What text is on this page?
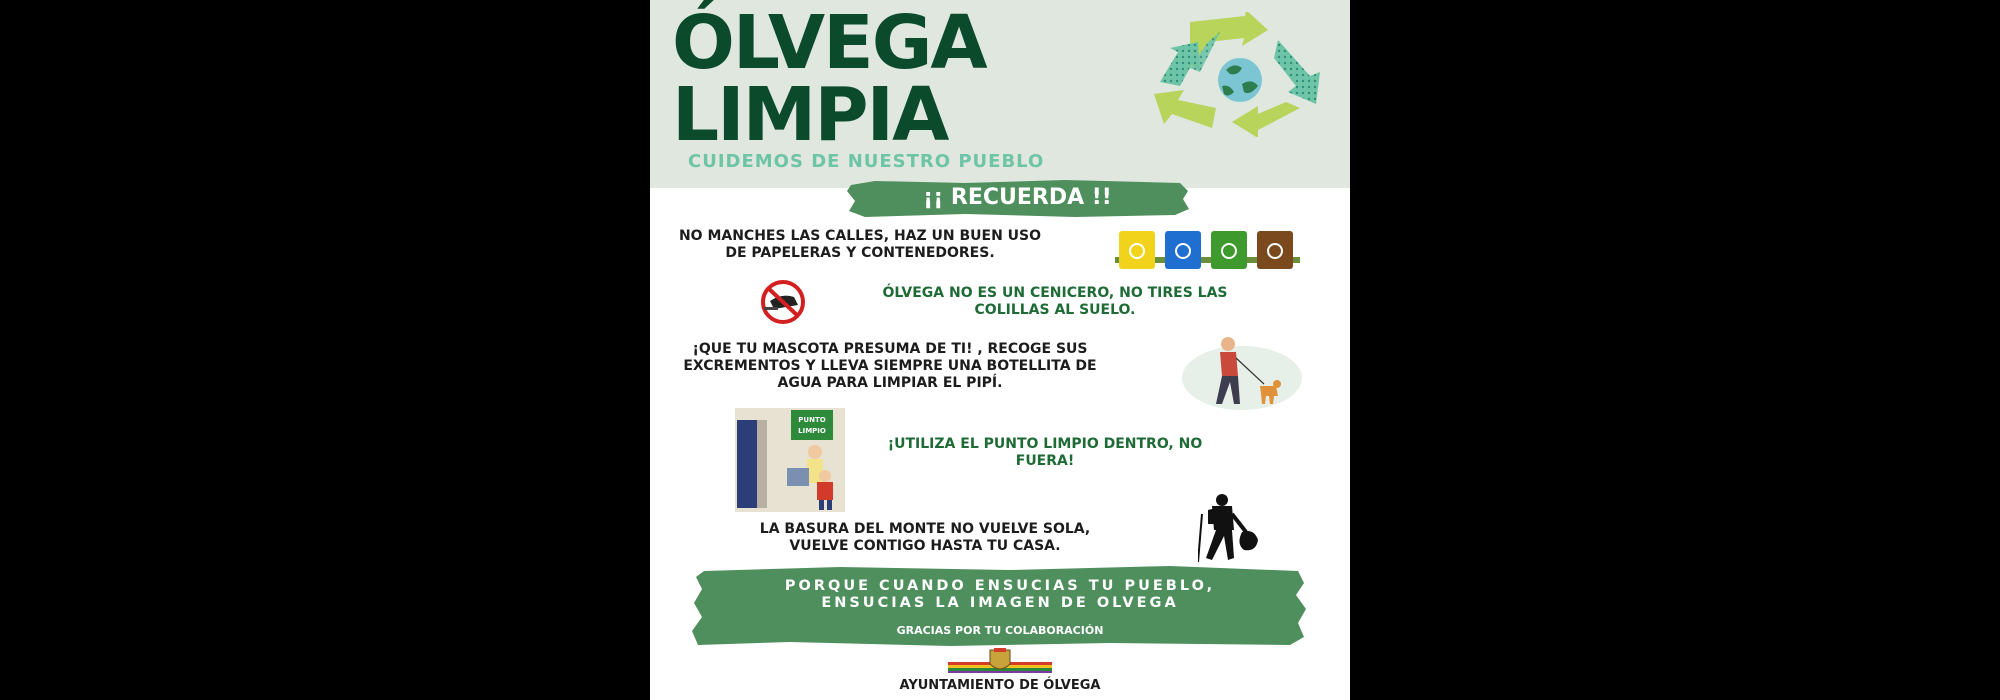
ÓLVEGA
LIMPIA

CUIDEMOS DE NUESTRO PUEBLO

¡¡ RECUERDA !!

NO MANCHES LAS CALLES, HAZ UN BUEN USO DE PAPELERAS Y CONTENEDORES.

ÓLVEGA NO ES UN CENICERO, NO TIRES LAS COLILLAS AL SUELO.

¡QUE TU MASCOTA PRESUMA DE TI! , RECOGE SUS EXCREMENTOS Y LLEVA SIEMPRE UNA BOTELLITA DE AGUA PARA LIMPIAR EL PIPÍ.

PUNTO
LIMPIO

¡UTILIZA EL PUNTO LIMPIO DENTRO, NO FUERA!

LA BASURA DEL MONTE NO VUELVE SOLA, VUELVE CONTIGO HASTA TU CASA.

PORQUE CUANDO ENSUCIAS TU PUEBLO,
ENSUCIAS LA IMAGEN DE OLVEGA
GRACIAS POR TU COLABORACIÓN

AYUNTAMIENTO DE ÓLVEGA
